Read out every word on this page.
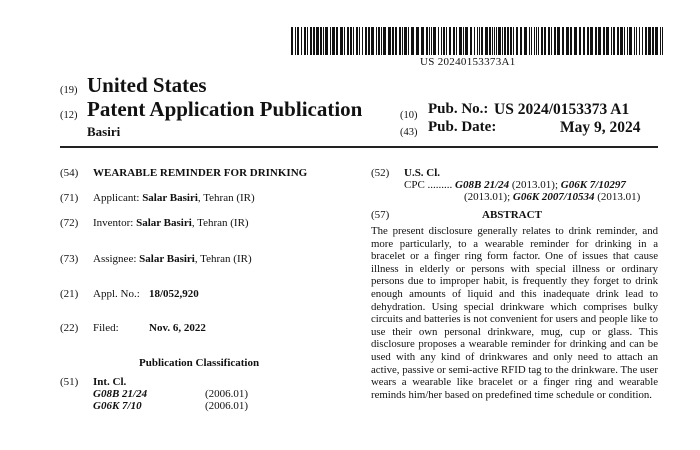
US 20240153373A1
(19) United States
(12) Patent Application Publication
Basiri
(10) Pub. No.: US 2024/0153373 A1
(43) Pub. Date:	May 9, 2024
(54) WEARABLE REMINDER FOR DRINKING
(71) Applicant: Salar Basiri, Tehran (IR)
(72) Inventor: Salar Basiri, Tehran (IR)
(73) Assignee: Salar Basiri, Tehran (IR)
(21) Appl. No.: 18/052,920
(22) Filed:	Nov. 6, 2022
Publication Classification
(51) Int. Cl.
G08B 21/24	(2006.01)
G06K 7/10	(2006.01)
(52) U.S. Cl.
CPC ......... G08B 21/24 (2013.01); G06K 7/10297
(2013.01); G06K 2007/10534 (2013.01)
(57)	ABSTRACT
The present disclosure generally relates to drink reminder, and more particularly, to a wearable reminder for drinking in a bracelet or a finger ring form factor. One of issues that cause illness in elderly or persons with special illness or ordinary persons due to improper habit, is frequently they forget to drink enough amounts of liquid and this inadequate drink lead to dehydration. Using special drinkware which comprises bulky circuits and batteries is not convenient for users and people like to use their own personal drinkware, mug, cup or glass. This disclosure proposes a wearable reminder for drinking and can be used with any kind of drinkwares and only need to attach an active, passive or semi-active RFID tag to the drinkware. The user wears a wearable like bracelet or a finger ring and wearable reminds him/her based on predefined time schedule or condition.
